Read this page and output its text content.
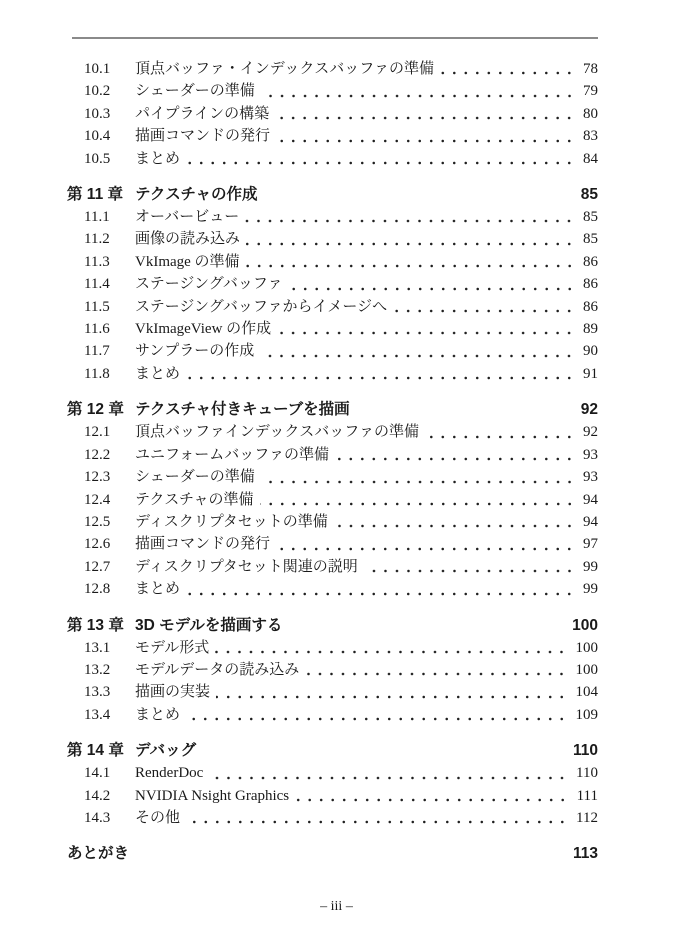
10.1	頂点バッファ・インデックスバッファの準備	78
10.2	シェーダーの準備	79
10.3	パイプラインの構築	80
10.4	描画コマンドの発行	83
10.5	まとめ	84
第 11 章 テクスチャの作成	85
11.1	オーバービュー	85
11.2	画像の読み込み	85
11.3	VkImage の準備	86
11.4	ステージングバッファ	86
11.5	ステージングバッファからイメージへ	86
11.6	VkImageView の作成	89
11.7	サンプラーの作成	90
11.8	まとめ	91
第 12 章 テクスチャ付きキューブを描画	92
12.1	頂点バッファインデックスバッファの準備	92
12.2	ユニフォームバッファの準備	93
12.3	シェーダーの準備	93
12.4	テクスチャの準備	94
12.5	ディスクリプタセットの準備	94
12.6	描画コマンドの発行	97
12.7	ディスクリプタセット関連の説明	99
12.8	まとめ	99
第 13 章 3D モデルを描画する	100
13.1	モデル形式	100
13.2	モデルデータの読み込み	100
13.3	描画の実装	104
13.4	まとめ	109
第 14 章 デバッグ	110
14.1	RenderDoc	110
14.2	NVIDIA Nsight Graphics	111
14.3	その他	112
あとがき	113
– iii –
